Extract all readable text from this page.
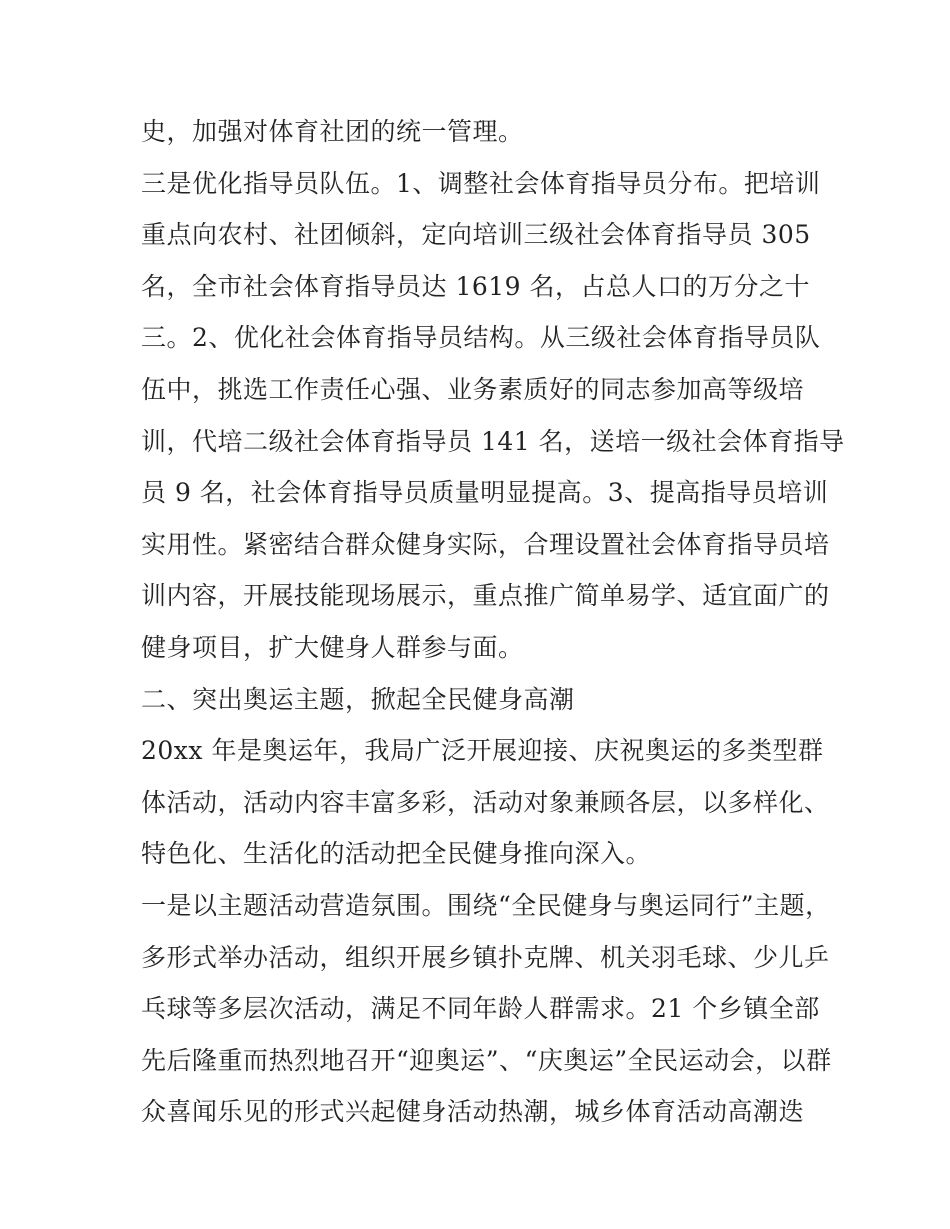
史，加强对体育社团的统一管理。
三是优化指导员队伍。1、调整社会体育指导员分布。把培训
重点向农村、社团倾斜，定向培训三级社会体育指导员 305
名，全市社会体育指导员达 1619 名，占总人口的万分之十
三。2、优化社会体育指导员结构。从三级社会体育指导员队
伍中，挑选工作责任心强、业务素质好的同志参加高等级培
训，代培二级社会体育指导员 141 名，送培一级社会体育指导
员 9 名，社会体育指导员质量明显提高。3、提高指导员培训
实用性。紧密结合群众健身实际，合理设置社会体育指导员培
训内容，开展技能现场展示，重点推广简单易学、适宜面广的
健身项目，扩大健身人群参与面。
二、突出奥运主题，掀起全民健身高潮
20xx 年是奥运年，我局广泛开展迎接、庆祝奥运的多类型群
体活动，活动内容丰富多彩，活动对象兼顾各层，以多样化、
特色化、生活化的活动把全民健身推向深入。
一是以主题活动营造氛围。围绕“全民健身与奥运同行”主题，
多形式举办活动，组织开展乡镇扑克牌、机关羽毛球、少儿乒
乓球等多层次活动，满足不同年龄人群需求。21 个乡镇全部
先后隆重而热烈地召开“迎奥运”、“庆奥运”全民运动会，以群
众喜闻乐见的形式兴起健身活动热潮，城乡体育活动高潮迭
